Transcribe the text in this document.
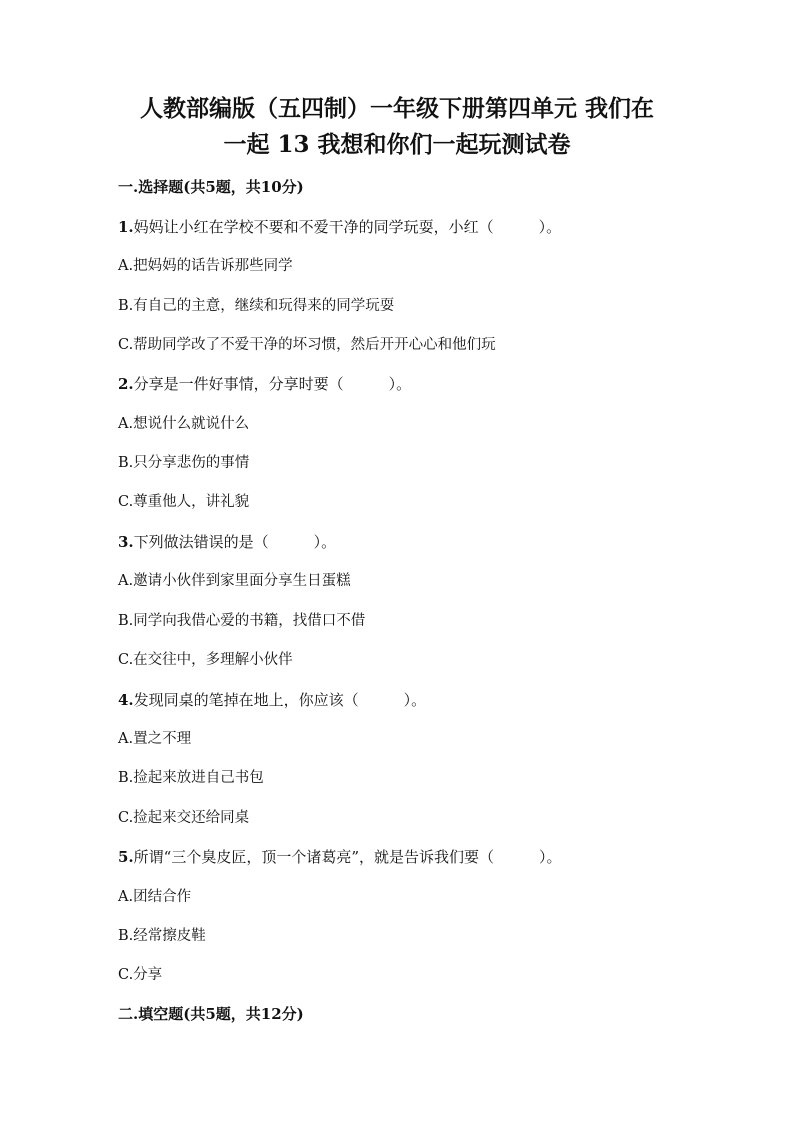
人教部编版（五四制）一年级下册第四单元 我们在
一起 13 我想和你们一起玩测试卷
一.选择题(共5题，共10分)
1.妈妈让小红在学校不要和不爱干净的同学玩耍，小红（　　　）。
A.把妈妈的话告诉那些同学
B.有自己的主意，继续和玩得来的同学玩耍
C.帮助同学改了不爱干净的坏习惯，然后开开心心和他们玩
2.分享是一件好事情，分享时要（　　　）。
A.想说什么就说什么
B.只分享悲伤的事情
C.尊重他人，讲礼貌
3.下列做法错误的是（　　　）。
A.邀请小伙伴到家里面分享生日蛋糕
B.同学向我借心爱的书籍，找借口不借
C.在交往中，多理解小伙伴
4.发现同桌的笔掉在地上，你应该（　　　）。
A.置之不理
B.捡起来放进自己书包
C.捡起来交还给同桌
5.所谓“三个臭皮匠，顶一个诸葛亮”，就是告诉我们要（　　　）。
A.团结合作
B.经常擦皮鞋
C.分享
二.填空题(共5题，共12分)
